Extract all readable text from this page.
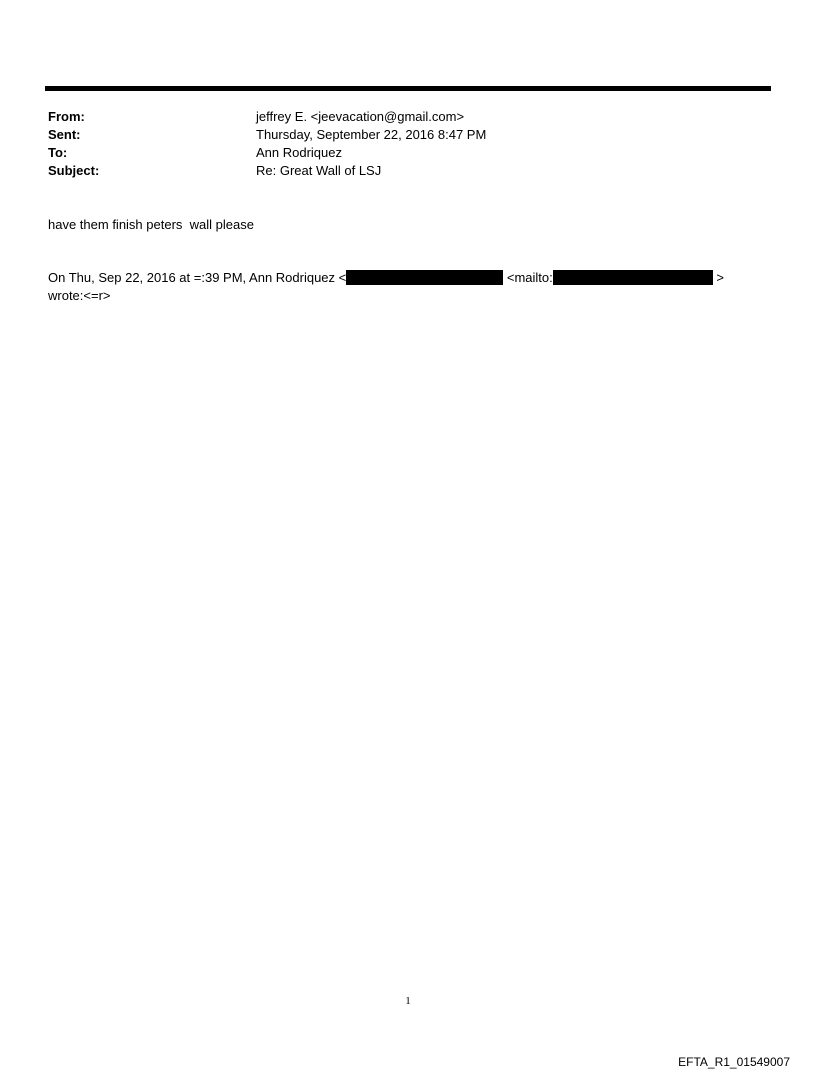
From:	jeffrey E. <jeevacation@gmail.com>
Sent:	Thursday, September 22, 2016 8:47 PM
To:	Ann Rodriquez
Subject:	Re: Great Wall of LSJ
have them finish peters  wall please
On Thu, Sep 22, 2016 at =:39 PM, Ann Rodriquez <	<mailto:	>
wrote:<=r>
1
EFTA_R1_01549007
